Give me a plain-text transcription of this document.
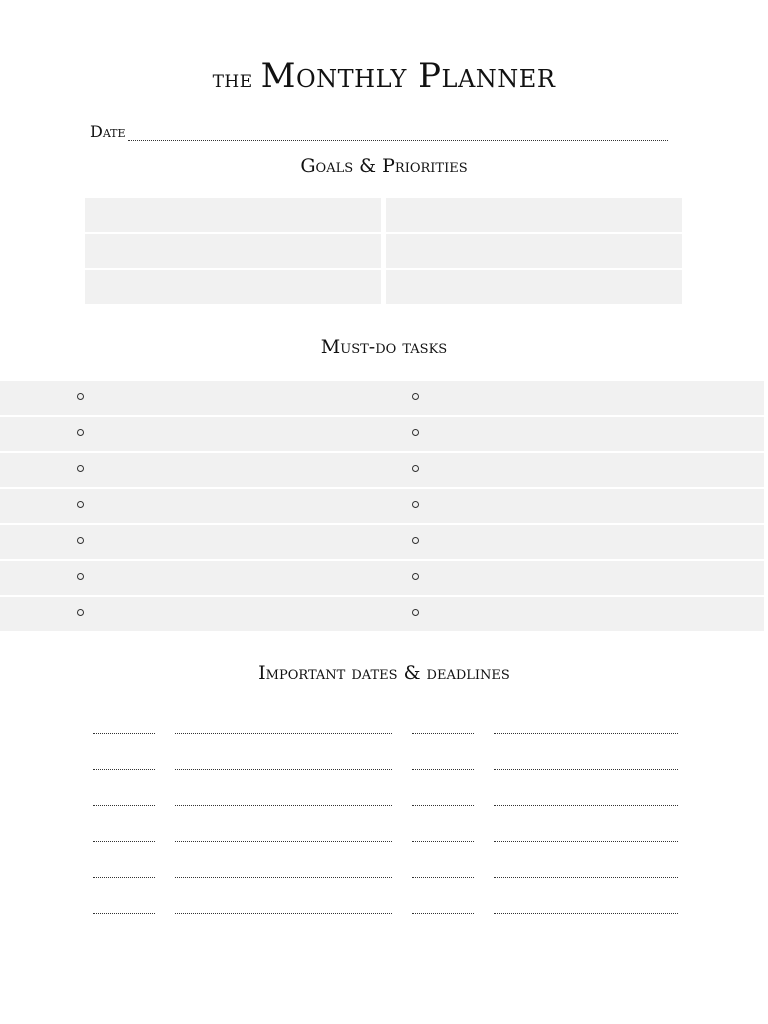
the Monthly Planner
Date
Goals & Priorities
Must-do tasks
Important dates & deadlines
